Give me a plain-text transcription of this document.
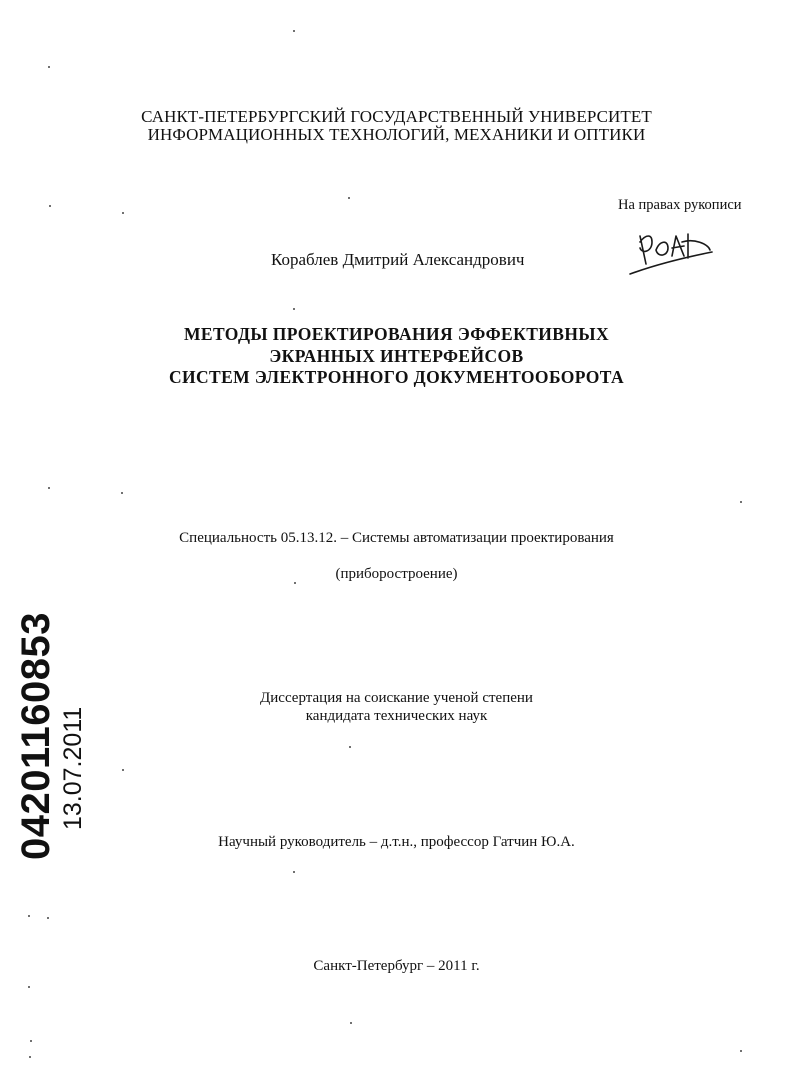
САНКТ-ПЕТЕРБУРГСКИЙ ГОСУДАРСТВЕННЫЙ УНИВЕРСИТЕТ
ИНФОРМАЦИОННЫХ ТЕХНОЛОГИЙ, МЕХАНИКИ И ОПТИКИ
На правах рукописи
Кораблев Дмитрий Александрович
МЕТОДЫ ПРОЕКТИРОВАНИЯ ЭФФЕКТИВНЫХ
ЭКРАННЫХ ИНТЕРФЕЙСОВ
СИСТЕМ ЭЛЕКТРОННОГО ДОКУМЕНТООБОРОТА
Специальность 05.13.12. – Системы автоматизации проектирования
(приборостроение)
Диссертация на соискание ученой степени
кандидата технических наук
Научный руководитель – д.т.н., профессор Гатчин Ю.А.
Санкт-Петербург – 2011 г.
04201160853 13.07.2011
